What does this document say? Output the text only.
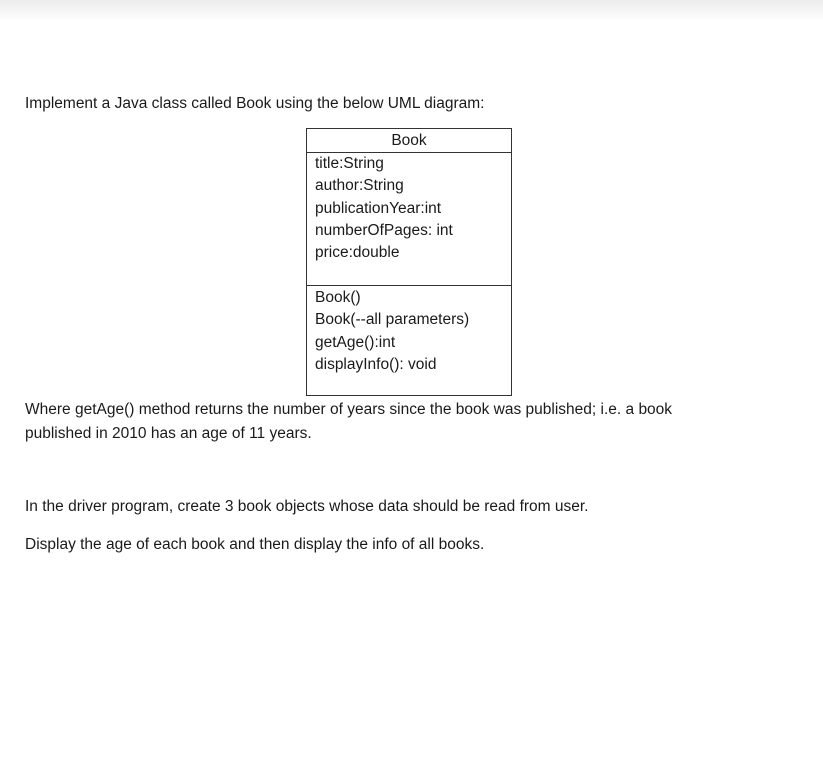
Implement a Java class called Book using the below UML diagram:
Book
title:String
author:String
publicationYear:int
numberOfPages: int
price:double
Book()
Book(--all parameters)
getAge():int
displayInfo(): void
Where getAge() method returns the number of years since the book was published; i.e. a book
published in 2010 has an age of 11 years.
In the driver program, create 3 book objects whose data should be read from user.
Display the age of each book and then display the info of all books.
